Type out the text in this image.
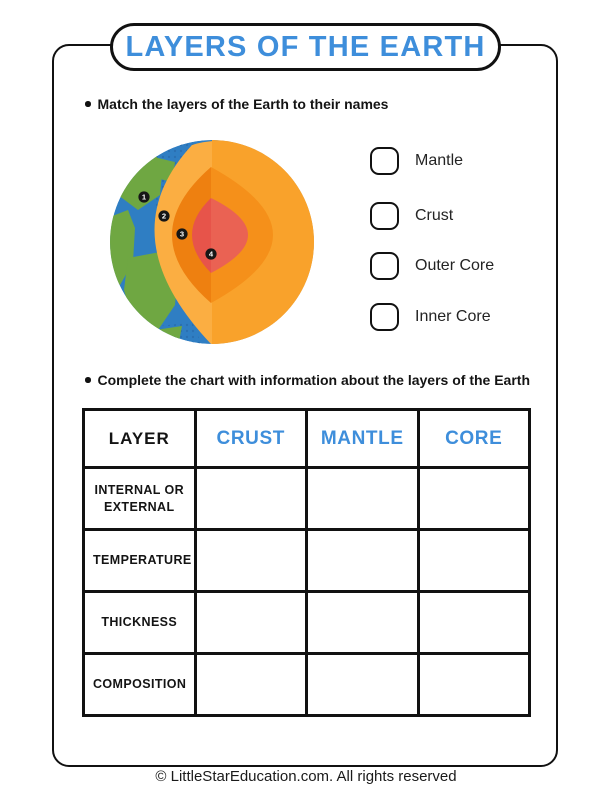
LAYERS OF THE EARTH
Match the layers of the Earth to their names
1
2
3
4
Mantle
Crust
Outer Core
Inner Core
Complete the chart with information about the layers of the Earth
LAYER	CRUST	MANTLE	CORE
INTERNAL OR EXTERNAL			
TEMPERATURE			
THICKNESS			
COMPOSITION			
© LittleStarEducation.com. All rights reserved
